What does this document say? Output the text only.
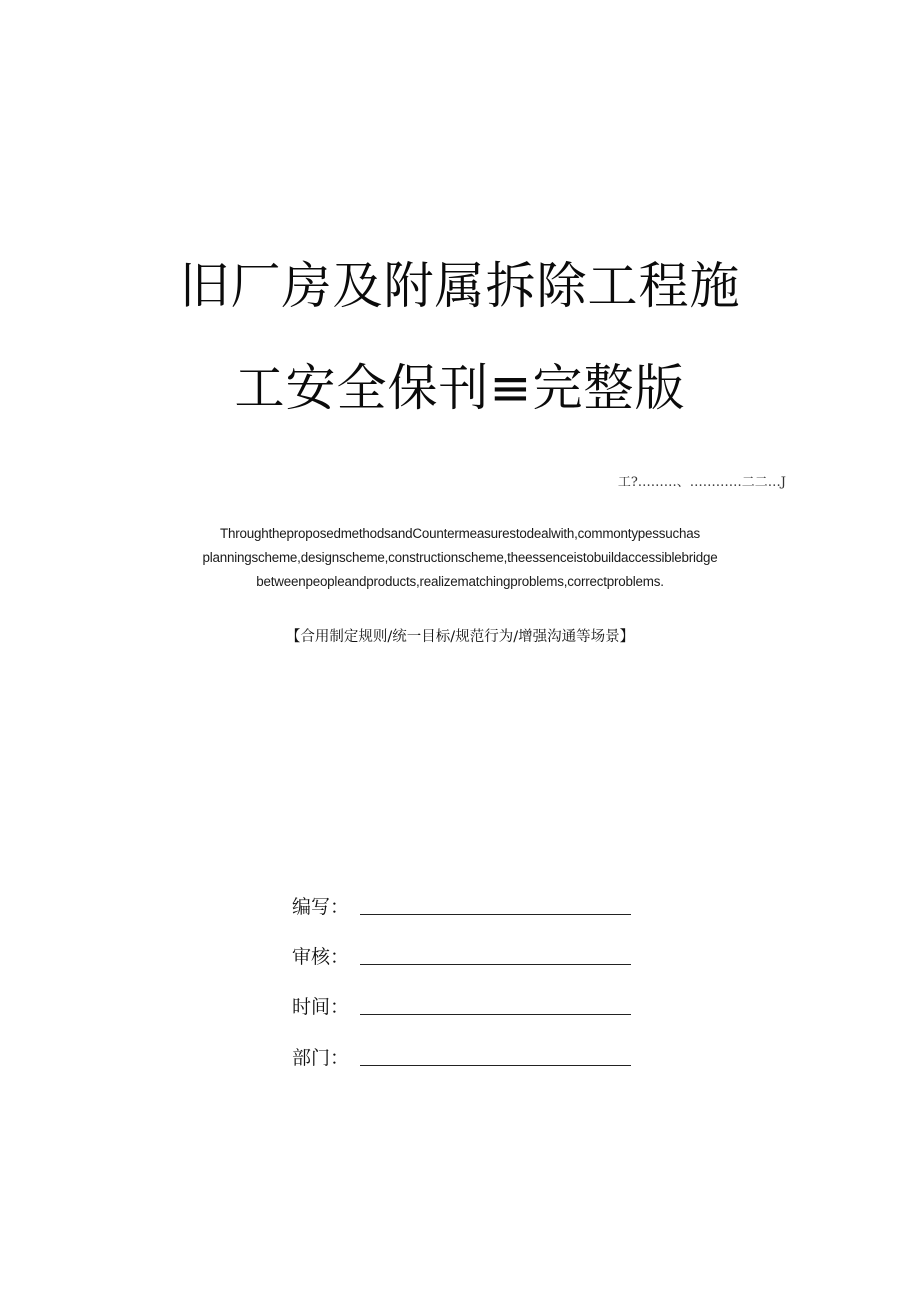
旧厂房及附属拆除工程施
工安全保刊≡完整版
工?………、…………二二…J
ThroughtheproposedmethodsandCountermeasurestodealwith,commontypessuchas
planningscheme,designscheme,constructionscheme,theessenceistobuildaccessiblebridge
betweenpeopleandproducts,realizematchingproblems,correctproblems.
【合用制定规则/统一目标/规范行为/增强沟通等场景】
编写：
审核：
时间：
部门：
